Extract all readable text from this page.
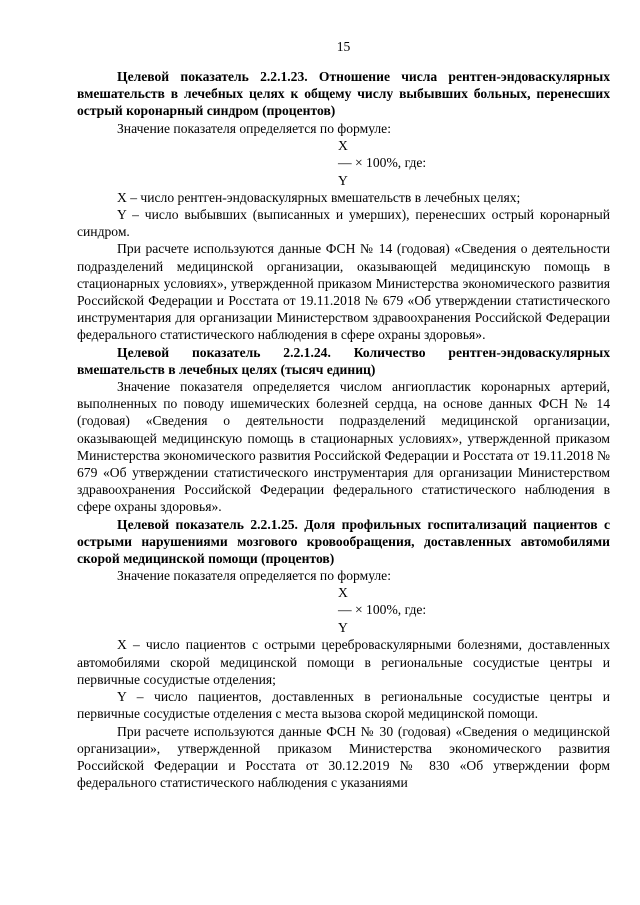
15

Целевой показатель 2.2.1.23. Отношение числа рентген-эндоваскулярных вмешательств в лечебных целях к общему числу выбывших больных, перенесших острый коронарный синдром (процентов)

Значение показателя определяется по формуле:

X
— × 100%, где:
Y

X – число рентген-эндоваскулярных вмешательств в лечебных целях;

Y – число выбывших (выписанных и умерших), перенесших острый коронарный синдром.

При расчете используются данные ФСН № 14 (годовая) «Сведения о деятельности подразделений медицинской организации, оказывающей медицинскую помощь в стационарных условиях», утвержденной приказом Министерства экономического развития Российской Федерации и Росстата от 19.11.2018 № 679 «Об утверждении статистического инструментария для организации Министерством здравоохранения Российской Федерации федерального статистического наблюдения в сфере охраны здоровья».

Целевой показатель 2.2.1.24. Количество рентген-эндоваскулярных вмешательств в лечебных целях (тысяч единиц)

Значение показателя определяется числом ангиопластик коронарных артерий, выполненных по поводу ишемических болезней сердца, на основе данных ФСН № 14 (годовая) «Сведения о деятельности подразделений медицинской организации, оказывающей медицинскую помощь в стационарных условиях», утвержденной приказом Министерства экономического развития Российской Федерации и Росстата от 19.11.2018 № 679 «Об утверждении статистического инструментария для организации Министерством здравоохранения Российской Федерации федерального статистического наблюдения в сфере охраны здоровья».

Целевой показатель 2.2.1.25. Доля профильных госпитализаций пациентов с острыми нарушениями мозгового кровообращения, доставленных автомобилями скорой медицинской помощи (процентов)

Значение показателя определяется по формуле:

X
— × 100%, где:
Y

X – число пациентов с острыми цереброваскулярными болезнями, доставленных автомобилями скорой медицинской помощи в региональные сосудистые центры и первичные сосудистые отделения;

Y – число пациентов, доставленных в региональные сосудистые центры и первичные сосудистые отделения с места вызова скорой медицинской помощи.

При расчете используются данные ФСН № 30 (годовая) «Сведения о медицинской организации», утвержденной приказом Министерства экономического развития Российской Федерации и Росстата от 30.12.2019 № 830 «Об утверждении форм федерального статистического наблюдения с указаниями
